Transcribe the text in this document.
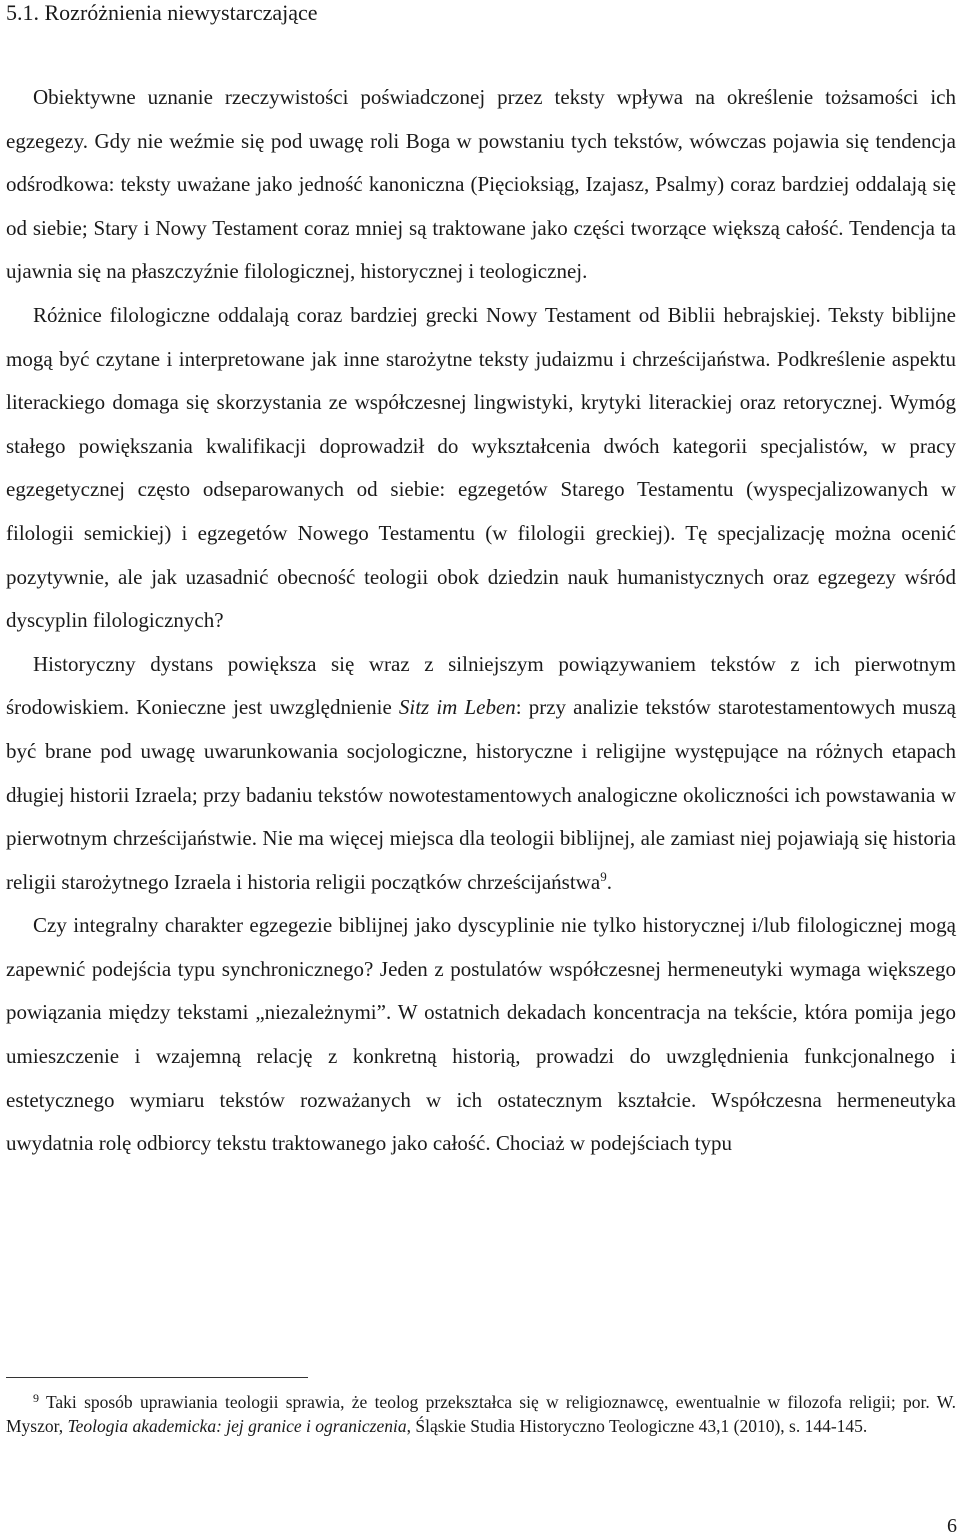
5.1. Rozróżnienia niewystarczające

Obiektywne uznanie rzeczywistości poświadczonej przez teksty wpływa na określenie tożsamości ich egzegezy. Gdy nie weźmie się pod uwagę roli Boga w powstaniu tych tekstów, wówczas pojawia się tendencja odśrodkowa: teksty uważane jako jedność kanoniczna (Pięcioksiąg, Izajasz, Psalmy) coraz bardziej oddalają się od siebie; Stary i Nowy Testament coraz mniej są traktowane jako części tworzące większą całość. Tendencja ta ujawnia się na płaszczyźnie filologicznej, historycznej i teologicznej.

Różnice filologiczne oddalają coraz bardziej grecki Nowy Testament od Biblii hebrajskiej. Teksty biblijne mogą być czytane i interpretowane jak inne starożytne teksty judaizmu i chrześcijaństwa. Podkreślenie aspektu literackiego domaga się skorzystania ze współczesnej lingwistyki, krytyki literackiej oraz retorycznej. Wymóg stałego powiększania kwalifikacji doprowadził do wykształcenia dwóch kategorii specjalistów, w pracy egzegetycznej często odseparowanych od siebie: egzegetów Starego Testamentu (wyspecjalizowanych w filologii semickiej) i egzegetów Nowego Testamentu (w filologii greckiej). Tę specjalizację można ocenić pozytywnie, ale jak uzasadnić obecność teologii obok dziedzin nauk humanistycznych oraz egzegezy wśród dyscyplin filologicznych?

Historyczny dystans powiększa się wraz z silniejszym powiązywaniem tekstów z ich pierwotnym środowiskiem. Konieczne jest uwzględnienie Sitz im Leben: przy analizie tekstów starotestamentowych muszą być brane pod uwagę uwarunkowania socjologiczne, historyczne i religijne występujące na różnych etapach długiej historii Izraela; przy badaniu tekstów nowotestamentowych analogiczne okoliczności ich powstawania w pierwotnym chrześcijaństwie. Nie ma więcej miejsca dla teologii biblijnej, ale zamiast niej pojawiają się historia religii starożytnego Izraela i historia religii początków chrześcijaństwa$^9$.

Czy integralny charakter egzegezie biblijnej jako dyscyplinie nie tylko historycznej i/lub filologicznej mogą zapewnić podejścia typu synchronicznego? Jeden z postulatów współczesnej hermeneutyki wymaga większego powiązania między tekstami „niezależnymi”. W ostatnich dekadach koncentracja na tekście, która pomija jego umieszczenie i wzajemną relację z konkretną historią, prowadzi do uwzględnienia funkcjonalnego i estetycznego wymiaru tekstów rozważanych w ich ostatecznym kształcie. Współczesna hermeneutyka uwydatnia rolę odbiorcy tekstu traktowanego jako całość. Chociaż w podejściach typu

$^9$ Taki sposób uprawiania teologii sprawia, że teolog przekształca się w religioznawcę, ewentualnie w filozofa religii; por. W. Myszor, Teologia akademicka: jej granice i ograniczenia, Śląskie Studia Historyczno Teologiczne 43,1 (2010), s. 144-145.

6
